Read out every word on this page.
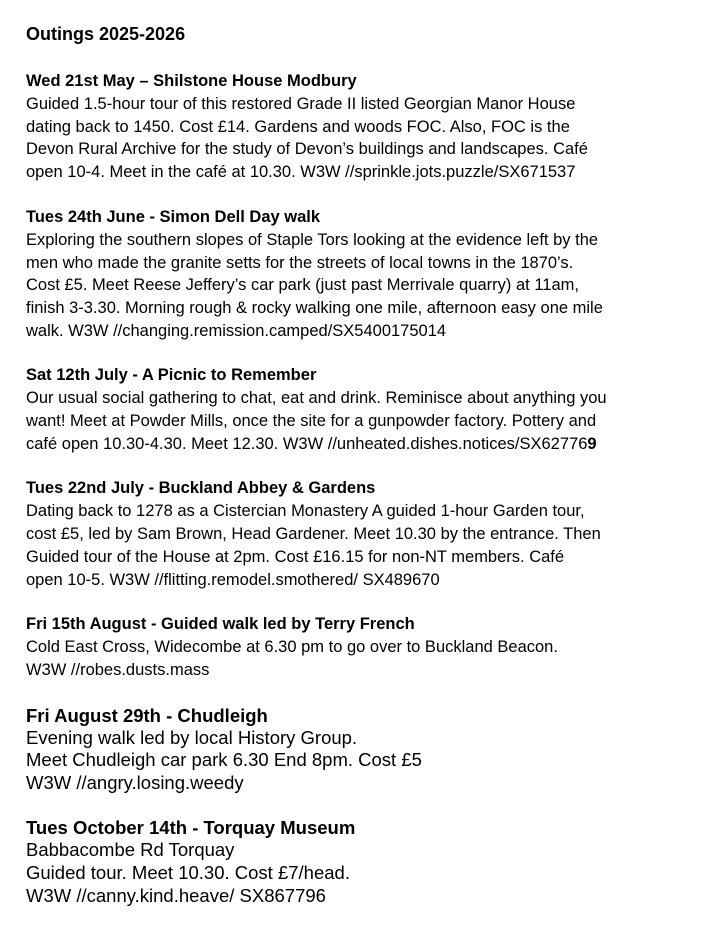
Outings 2025-2026
Wed 21st May – Shilstone House Modbury
Guided 1.5-hour tour of this restored Grade II listed Georgian Manor House
dating back to 1450. Cost £14. Gardens and woods FOC. Also, FOC is the
Devon Rural Archive for the study of Devon’s buildings and landscapes. Café
open 10-4. Meet in the café at 10.30. W3W //sprinkle.jots.puzzle/SX671537
Tues 24th June - Simon Dell Day walk
Exploring the southern slopes of Staple Tors looking at the evidence left by the
men who made the granite setts for the streets of local towns in the 1870’s.
Cost £5. Meet Reese Jeffery’s car park (just past Merrivale quarry) at 11am,
finish 3-3.30. Morning rough & rocky walking one mile, afternoon easy one mile
walk. W3W //changing.remission.camped/SX5400175014
Sat 12th July - A Picnic to Remember
Our usual social gathering to chat, eat and drink. Reminisce about anything you
want! Meet at Powder Mills, once the site for a gunpowder factory. Pottery and
café open 10.30-4.30. Meet 12.30. W3W //unheated.dishes.notices/SX627769
Tues 22nd July - Buckland Abbey & Gardens
Dating back to 1278 as a Cistercian Monastery A guided 1-hour Garden tour,
cost £5, led by Sam Brown, Head Gardener. Meet 10.30 by the entrance. Then
Guided tour of the House at 2pm. Cost £16.15 for non-NT members. Café
open 10-5. W3W //flitting.remodel.smothered/ SX489670
Fri 15th August - Guided walk led by Terry French
Cold East Cross, Widecombe at 6.30 pm to go over to Buckland Beacon.
W3W //robes.dusts.mass
Fri August 29th - Chudleigh
Evening walk led by local History Group.
Meet Chudleigh car park 6.30 End 8pm. Cost £5
W3W //angry.losing.weedy
Tues October 14th - Torquay Museum
Babbacombe Rd Torquay
Guided tour. Meet 10.30. Cost £7/head.
W3W //canny.kind.heave/ SX867796
